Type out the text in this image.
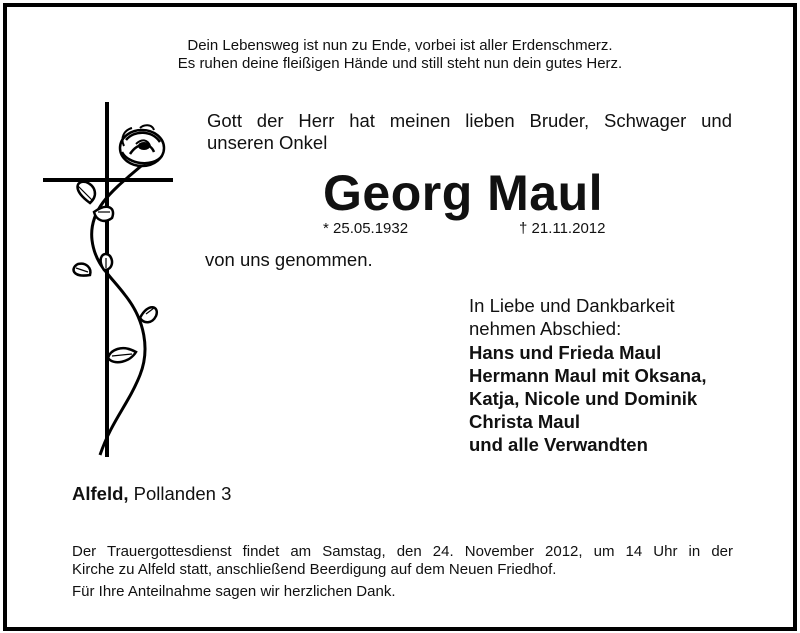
Dein Lebensweg ist nun zu Ende, vorbei ist aller Erdenschmerz.
Es ruhen deine fleißigen Hände und still steht nun dein gutes Herz.
Gott der Herr hat meinen lieben Bruder, Schwager und
unseren Onkel
Georg Maul
* 25.05.1932	† 21.11.2012
von uns genommen.
In Liebe und Dankbarkeit
nehmen Abschied:
Hans und Frieda Maul
Hermann Maul mit Oksana,
Katja, Nicole und Dominik
Christa Maul
und alle Verwandten
Alfeld, Pollanden 3
Der Trauergottesdienst findet am Samstag, den 24. November 2012, um 14 Uhr in der
Kirche zu Alfeld statt, anschließend Beerdigung auf dem Neuen Friedhof.
Für Ihre Anteilnahme sagen wir herzlichen Dank.
